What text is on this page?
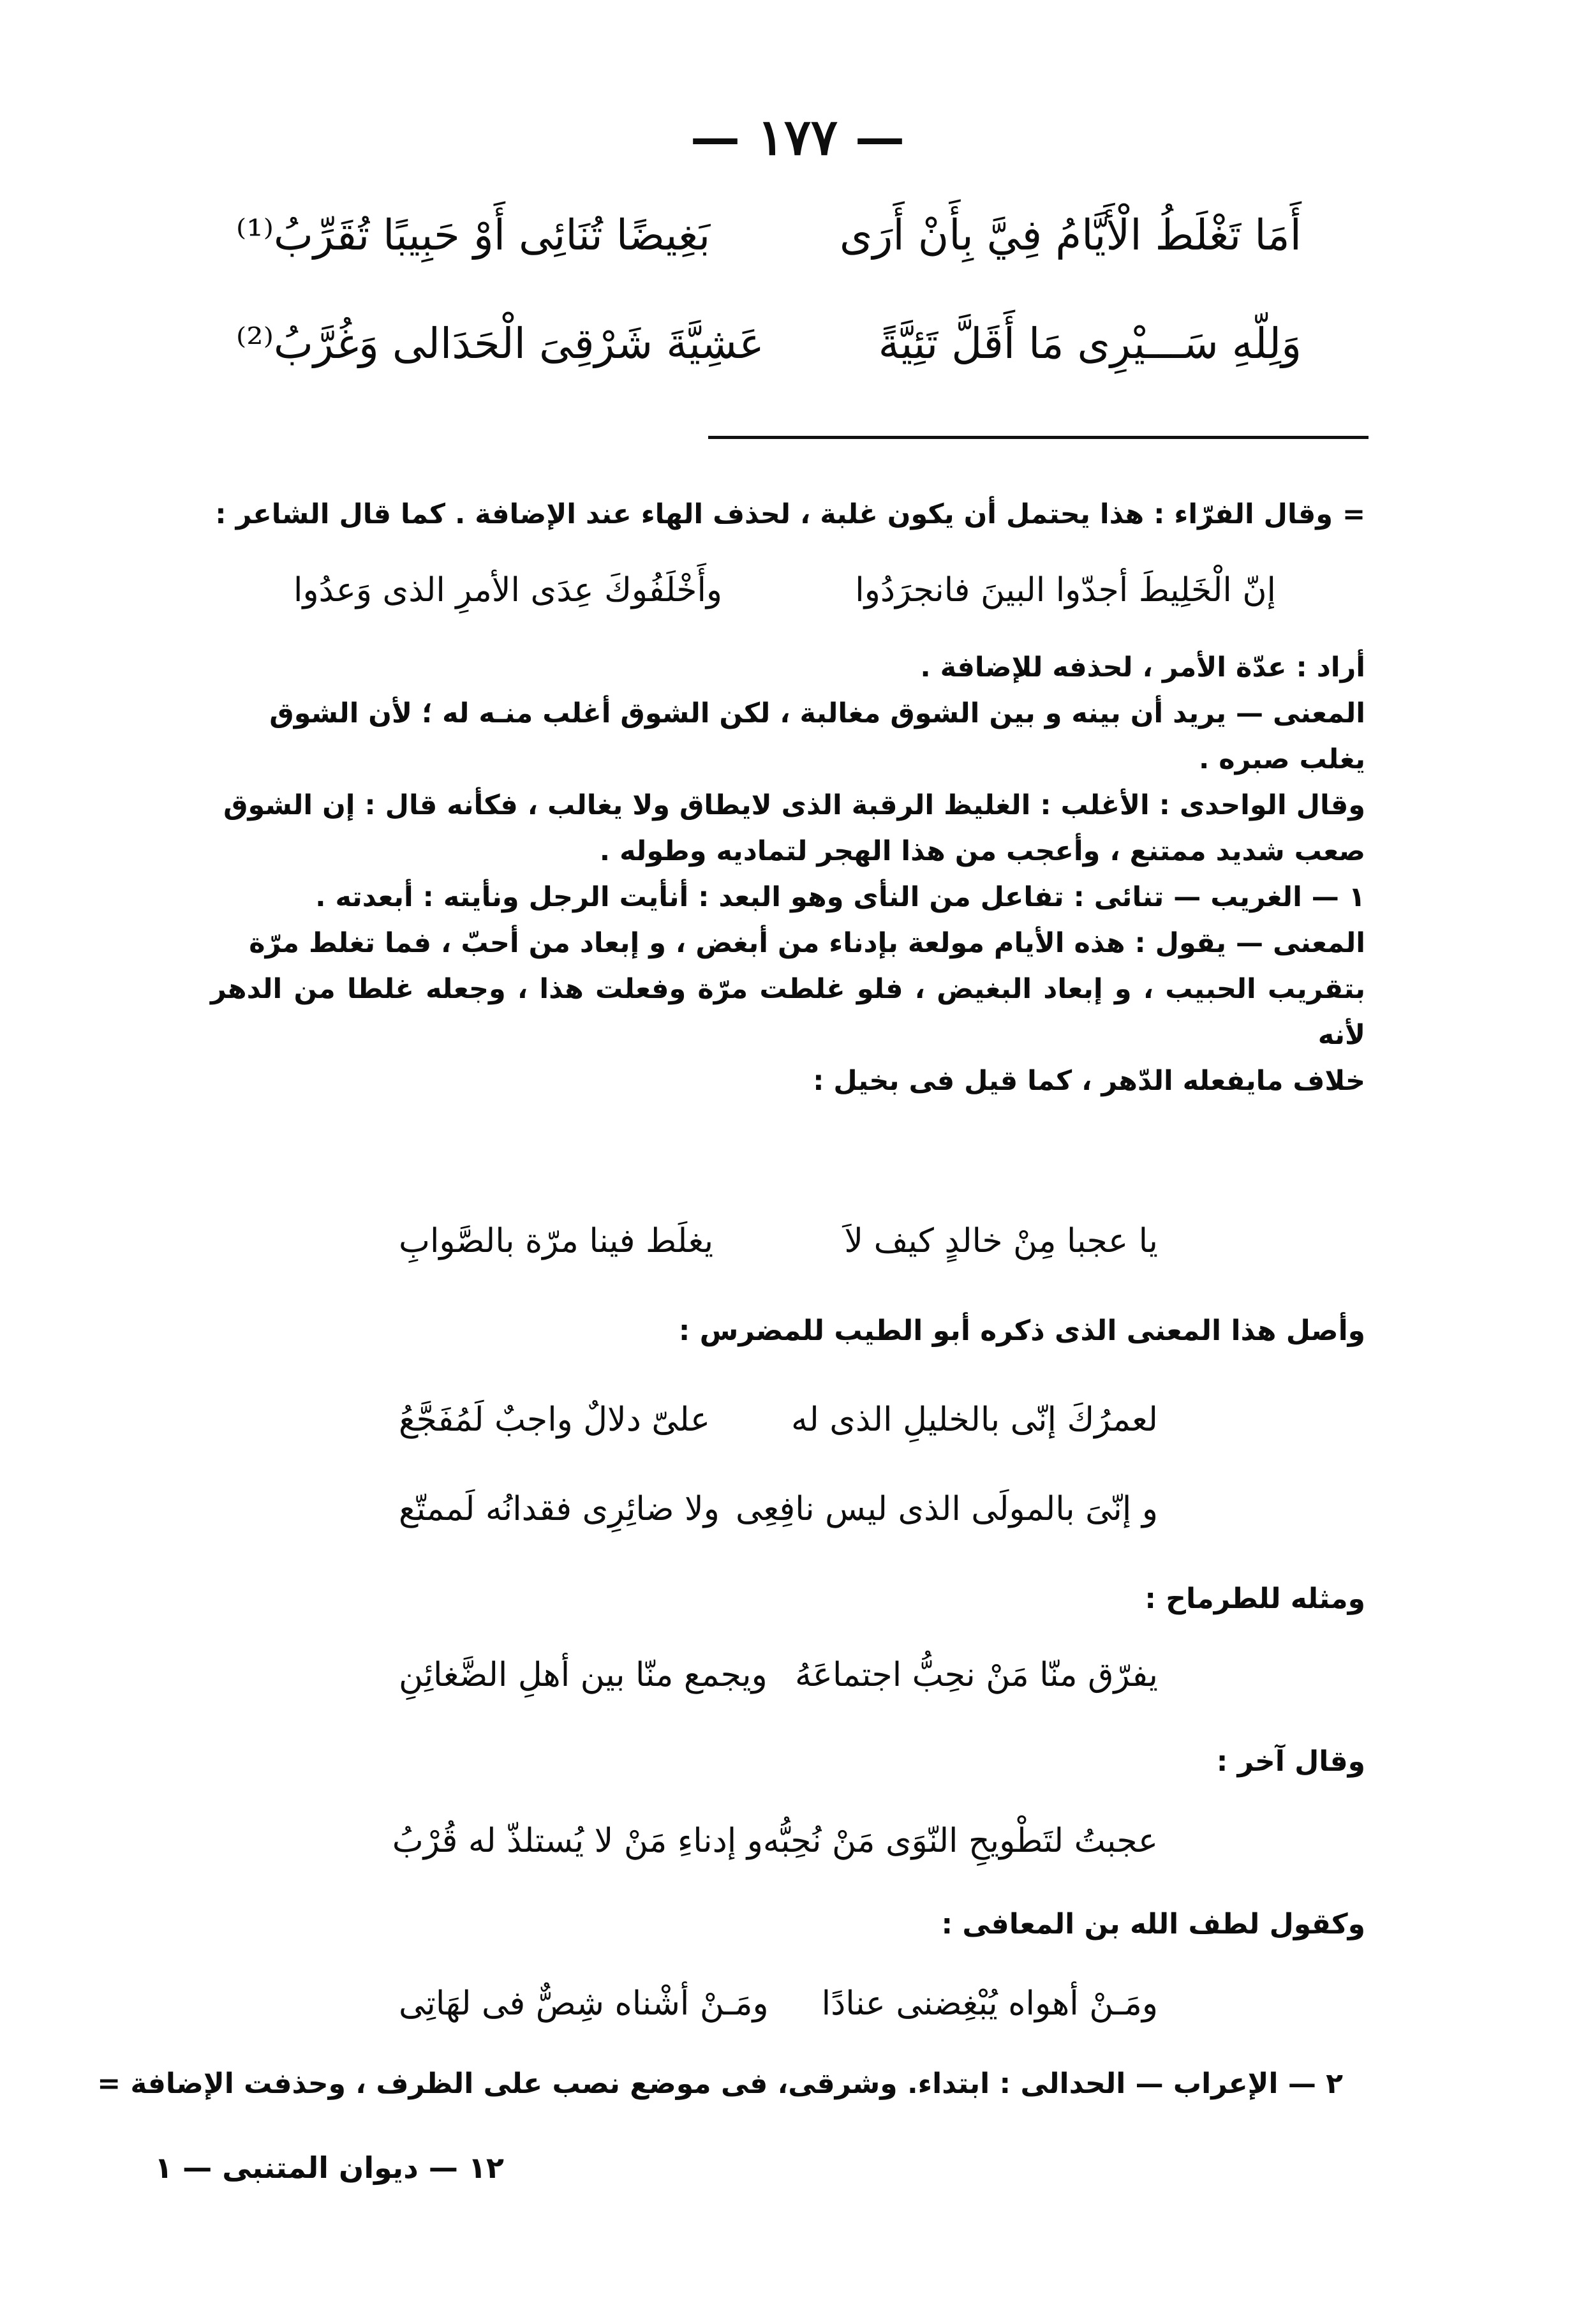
— ١٧٧ —
أَمَا تَغْلَطُ الْأَيَّامُ فِيَّ بِأَنْ أَرَى
بَغِيضًا تُنَائِى أَوْ حَبِيبًا تُقَرِّبُ⁽¹⁾
وَلِلّهِ سَـــيْرِى مَا أَقَلَّ تَئِيَّةً
عَشِيَّةَ شَرْقِىَ الْحَدَالى وَغُرَّبُ⁽²⁾
= وقال الفرّاء : هذا يحتمل أن يكون غلبة ، لحذف الهاء عند الإضافة . كما قال الشاعر :
إنّ الْخَلِيطَ أجدّوا البينَ فانجرَدُوا
وأَخْلَفُوكَ عِدَى الأمرِ الذى وَعدُوا
أراد : عدّة الأمر ، لحذفه للإضافة .
المعنى — يريد أن بينه و بين الشوق مغالبة ، لكن الشوق أغلب منـه له ؛ لأن الشوق
يغلب صبره .
وقال الواحدى : الأغلب : الغليظ الرقبة الذى لايطاق ولا يغالب ، فكأنه قال : إن الشوق
صعب شديد ممتنع ، وأعجب من هذا الهجر لتماديه وطوله .
١ — الغريب — تنائى : تفاعل من النأى وهو البعد : أنأيت الرجل ونأيته : أبعدته .
المعنى — يقول : هذه الأيام مولعة بإدناء من أبغض ، و إبعاد من أحبّ ، فما تغلط مرّة
بتقريب الحبيب ، و إبعاد البغيض ، فلو غلطت مرّة وفعلت هذا ، وجعله غلطا من الدهر لأنه
خلاف مايفعله الدّهر ، كما قيل فى بخيل :
يا عجبا مِنْ خالدٍ كيف لاَ
يغلَط فينا مرّة بالصَّوابِ
وأصل هذا المعنى الذى ذكره أبو الطيب للمضرس :
لعمرُكَ إنّى بالخليلِ الذى له
علىّ دلالٌ واجبٌ لَمُفَجَّعُ
و إنّىَ بالمولَى الذى ليس نافِعِى
ولا ضائِرِى فقدانُه لَممتّع
ومثله للطرماح :
يفرّق منّا مَنْ نحِبُّ اجتماعَهُ
ويجمع منّا بين أهلِ الضَّغائِنِ
وقال آخر :
عجبتُ لتَطْويحِ النّوَى مَنْ نُحِبُّه
و إدناءِ مَنْ لا يُستلذّ له قُرْبُ
وكقول لطف الله بن المعافى :
ومَـنْ أهواه يُبْغِضنى عنادًا
ومَـنْ أشْناه شِصٌّ فى لهَاتِى
٢ — الإعراب — الحدالى : ابتداء. وشرقى، فى موضع نصب على الظرف ، وحذفت الإضافة =
١٢ — ديوان المتنبى — ١
